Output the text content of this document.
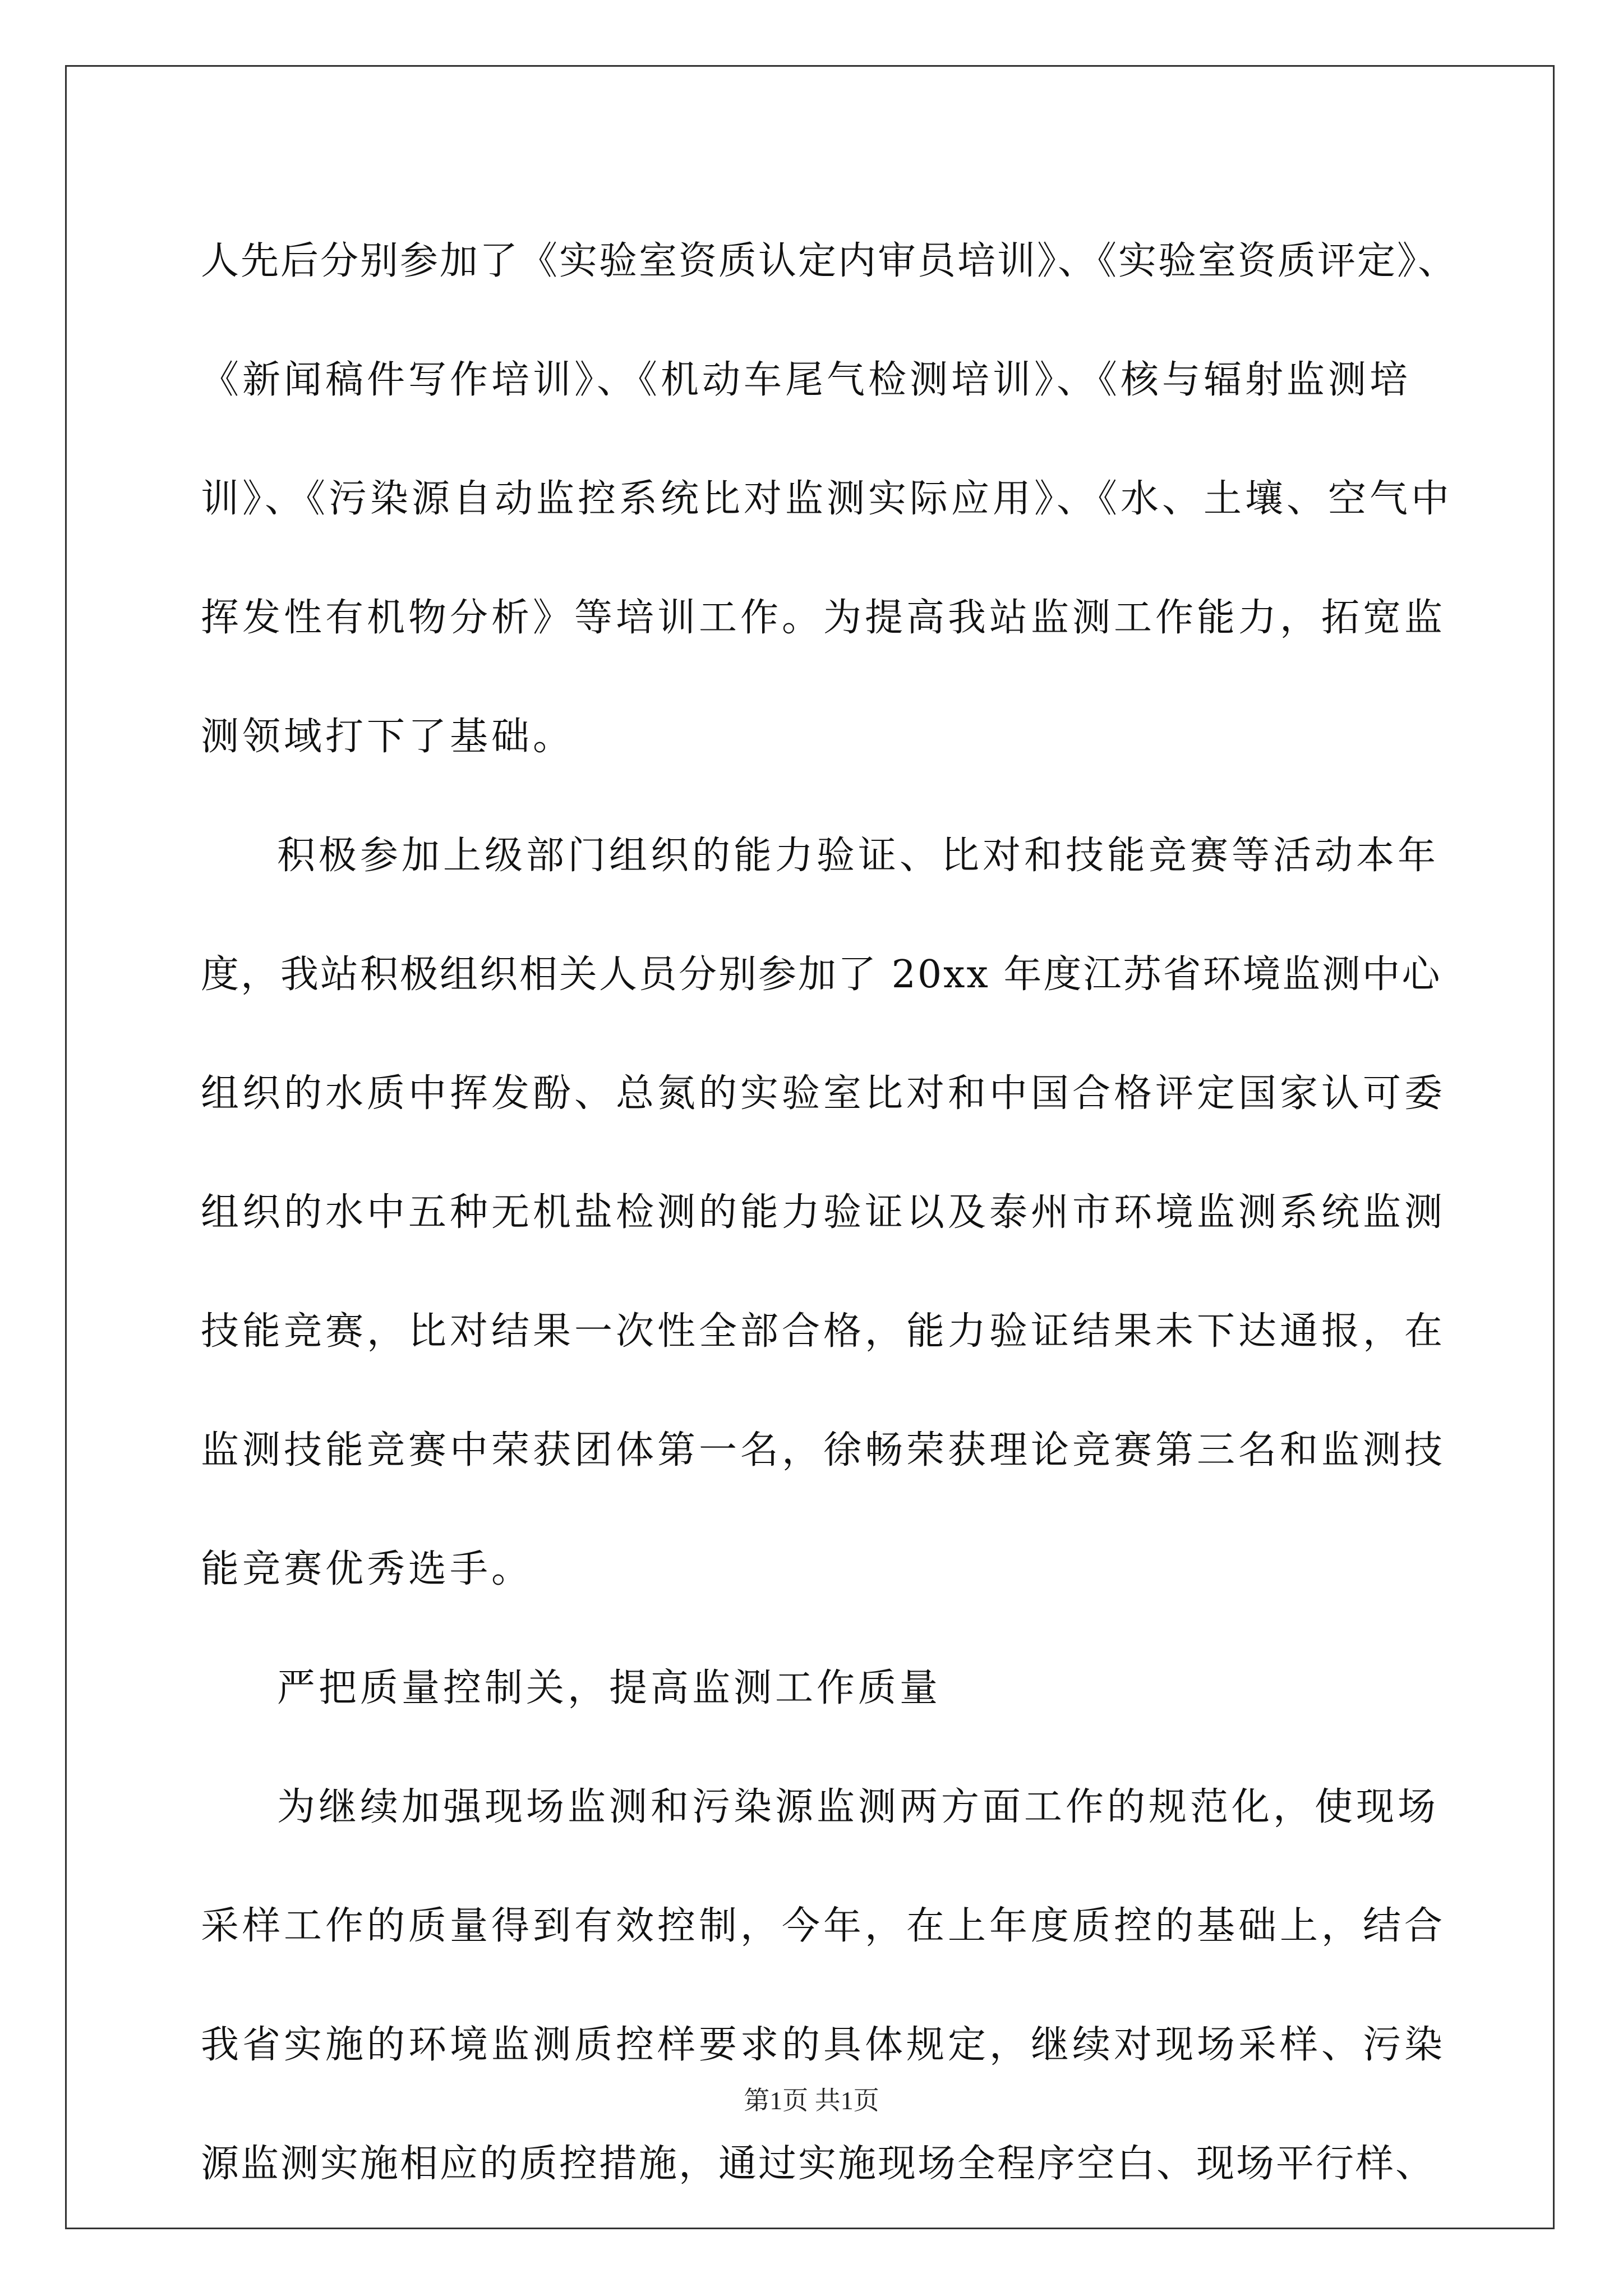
人先后分别参加了《实验室资质认定内审员培训》、《实验室资质评定》、
《新闻稿件写作培训》、《机动车尾气检测培训》、《核与辐射监测培
训》、《污染源自动监控系统比对监测实际应用》、《水、土壤、空气中
挥发性有机物分析》等培训工作。为提高我站监测工作能力，拓宽监
测领域打下了基础。
积极参加上级部门组织的能力验证、比对和技能竞赛等活动本年
度，我站积极组织相关人员分别参加了 20xx 年度江苏省环境监测中心
组织的水质中挥发酚、总氮的实验室比对和中国合格评定国家认可委
组织的水中五种无机盐检测的能力验证以及泰州市环境监测系统监测
技能竞赛，比对结果一次性全部合格，能力验证结果未下达通报，在
监测技能竞赛中荣获团体第一名，徐畅荣获理论竞赛第三名和监测技
能竞赛优秀选手。
严把质量控制关，提高监测工作质量
为继续加强现场监测和污染源监测两方面工作的规范化，使现场
采样工作的质量得到有效控制，今年，在上年度质控的基础上，结合
我省实施的环境监测质控样要求的具体规定，继续对现场采样、污染
源监测实施相应的质控措施，通过实施现场全程序空白、现场平行样、
第1页 共1页
